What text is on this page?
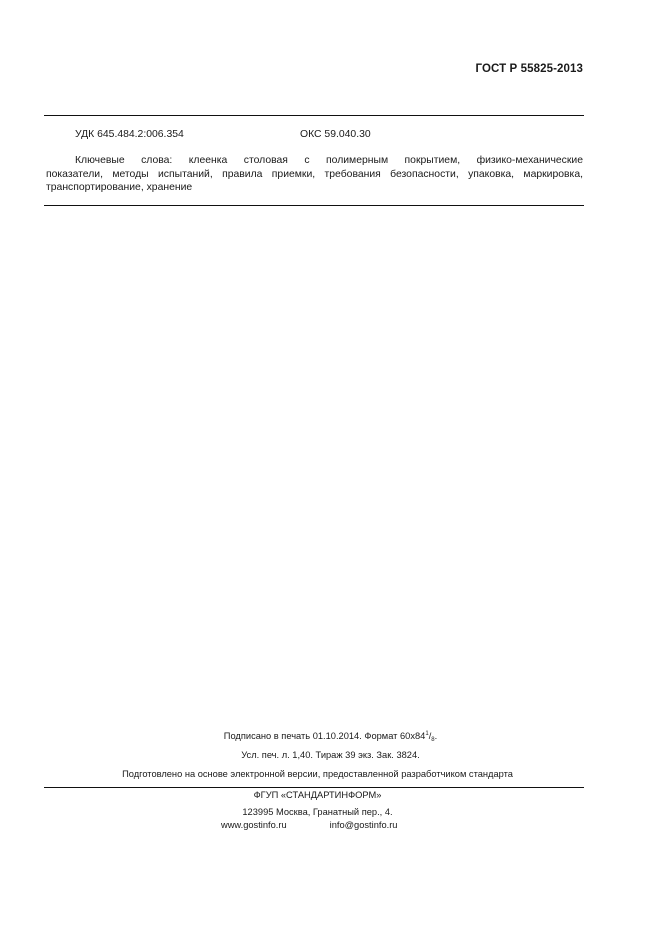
ГОСТ Р 55825-2013
УДК 645.484.2:006.354	ОКС 59.040.30
Ключевые слова: клеенка столовая с полимерным покрытием, физико-механические
показатели, методы испытаний, правила приемки, требования безопасности, упаковка, маркировка,
транспортирование, хранение
Подписано в печать 01.10.2014. Формат $60х84^1/_8$.
Усл. печ. л. 1,40. Тираж 39 экз. Зак. 3824.
Подготовлено на основе электронной версии, предоставленной разработчиком стандарта
ФГУП «СТАНДАРТИНФОРМ»
123995 Москва, Гранатный пер., 4.
www.gostinfo.ru	info@gostinfo.ru
